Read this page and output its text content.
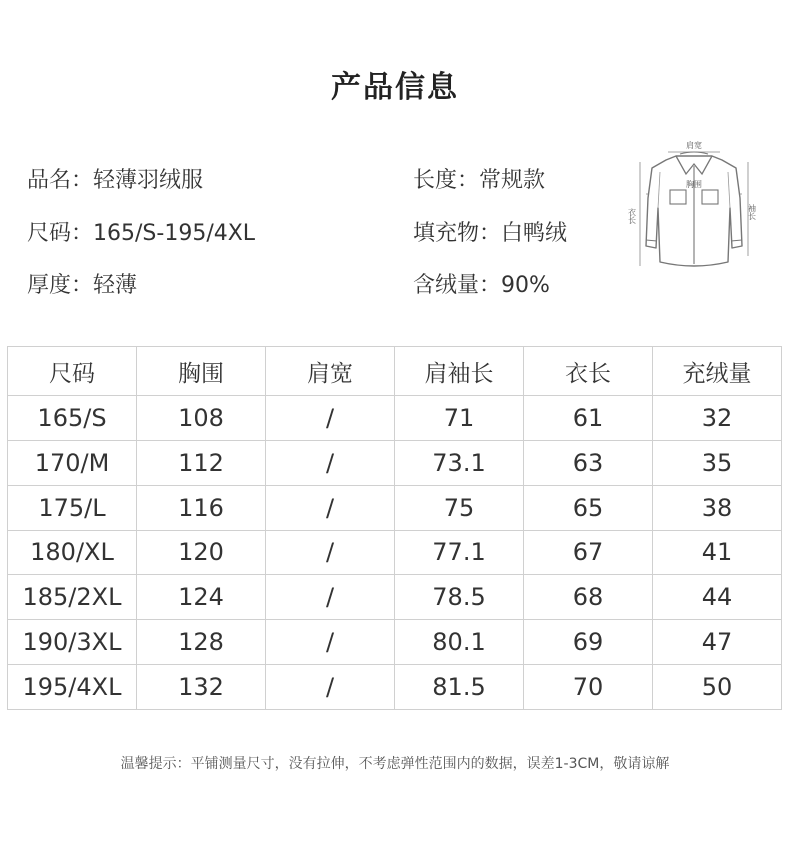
产品信息
品名：轻薄羽绒服
尺码：165/S-195/4XL
厚度：轻薄
长度：常规款
填充物：白鸭绒
含绒量：90%
肩宽
胸围
衣长	袖长
尺码	胸围	肩宽	肩袖长	衣长	充绒量
165/S	108	/	71	61	32
170/M	112	/	73.1	63	35
175/L	116	/	75	65	38
180/XL	120	/	77.1	67	41
185/2XL	124	/	78.5	68	44
190/3XL	128	/	80.1	69	47
195/4XL	132	/	81.5	70	50
温馨提示：平铺测量尺寸，没有拉伸，不考虑弹性范围内的数据，误差1-3CM，敬请谅解
